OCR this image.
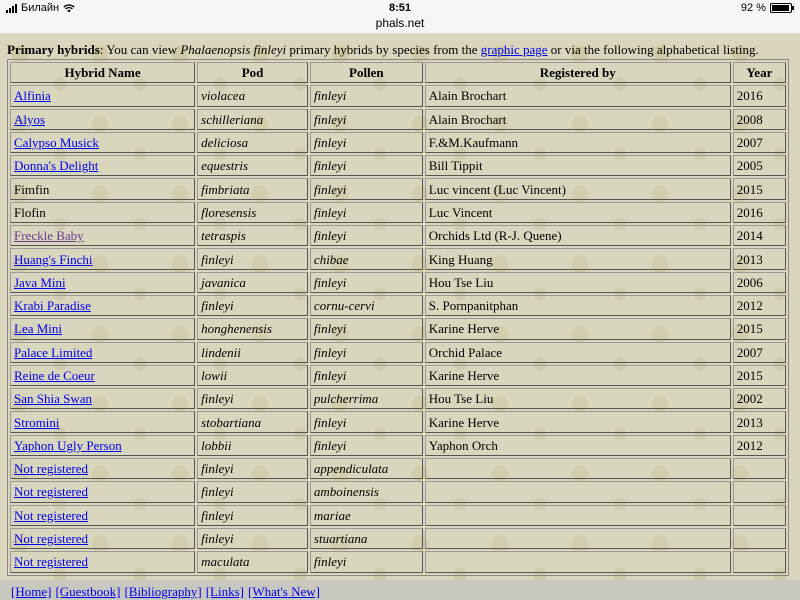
Билайн	8:51
phals.net
92 %
Primary hybrids: You can view Phalaenopsis finleyi primary hybrids by species from the graphic page or via the following alphabetical listing.
Hybrid Name	Pod	Pollen	Registered by	Year
Alfinia	violacea	finleyi	Alain Brochart	2016
Alyos	schilleriana	finleyi	Alain Brochart	2008
Calypso Musick	deliciosa	finleyi	F.&M.Kaufmann	2007
Donna's Delight	equestris	finleyi	Bill Tippit	2005
Fimfin	fimbriata	finleyi	Luc vincent (Luc Vincent)	2015
Flofin	floresensis	finleyi	Luc Vincent	2016
Freckle Baby	tetraspis	finleyi	Orchids Ltd (R-J. Quene)	2014
Huang's Finchi	finleyi	chibae	King Huang	2013
Java Mini	javanica	finleyi	Hou Tse Liu	2006
Krabi Paradise	finleyi	cornu-cervi	S. Pornpanitphan	2012
Lea Mini	honghenensis	finleyi	Karine Herve	2015
Palace Limited	lindenii	finleyi	Orchid Palace	2007
Reine de Coeur	lowii	finleyi	Karine Herve	2015
San Shia Swan	finleyi	pulcherrima	Hou Tse Liu	2002
Stromini	stobartiana	finleyi	Karine Herve	2013
Yaphon Ugly Person	lobbii	finleyi	Yaphon Orch	2012
Not registered	finleyi	appendiculata		
Not registered	finleyi	amboinensis		
Not registered	finleyi	mariae		
Not registered	finleyi	stuartiana		
Not registered	maculata	finleyi		
[Home] [Guestbook] [Bibliography] [Links] [What's New]
